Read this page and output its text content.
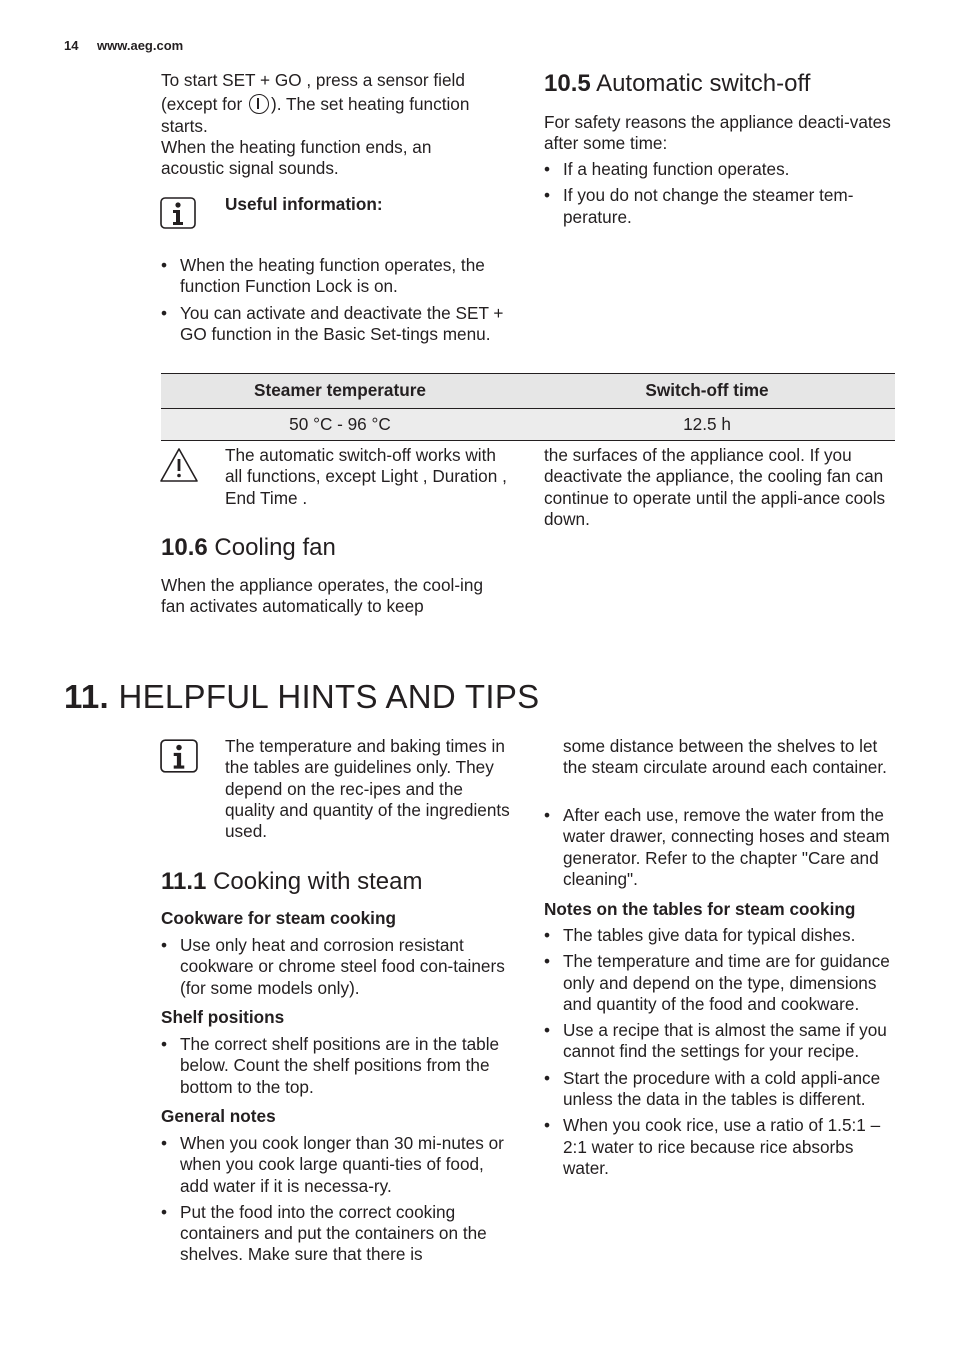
14 www.aeg.com
To start SET + GO , press a sensor field
(except for ). The set heating function
starts.
When the heating function ends, an
acoustic signal sounds.
Useful information:
• When the heating function operates, the function Function Lock is on.
• You can activate and deactivate the SET + GO function in the Basic Set-tings menu.
10.5 Automatic switch-off
For safety reasons the appliance deacti-vates after some time:
• If a heating function operates.
• If you do not change the steamer tem-perature.
Steamer temperature	Switch-off time
50 °C - 96 °C	12.5 h
The automatic switch-off works with all functions, except Light , Duration , End Time .
the surfaces of the appliance cool. If you deactivate the appliance, the cooling fan can continue to operate until the appli-ance cools down.
10.6 Cooling fan
When the appliance operates, the cool-ing fan activates automatically to keep
11. HELPFUL HINTS AND TIPS
The temperature and baking times in the tables are guidelines only. They depend on the rec-ipes and the quality and quantity of the ingredients used.
11.1 Cooking with steam
Cookware for steam cooking
• Use only heat and corrosion resistant cookware or chrome steel food con-tainers (for some models only).
Shelf positions
• The correct shelf positions are in the table below. Count the shelf positions from the bottom to the top.
General notes
• When you cook longer than 30 mi-nutes or when you cook large quanti-ties of food, add water if it is necessa-ry.
• Put the food into the correct cooking containers and put the containers on the shelves. Make sure that there is
some distance between the shelves to let the steam circulate around each container.
• After each use, remove the water from the water drawer, connecting hoses and steam generator. Refer to the chapter "Care and cleaning".
Notes on the tables for steam cooking
• The tables give data for typical dishes.
• The temperature and time are for guidance only and depend on the type, dimensions and quantity of the food and cookware.
• Use a recipe that is almost the same if you cannot find the settings for your recipe.
• Start the procedure with a cold appli-ance unless the data in the tables is different.
• When you cook rice, use a ratio of 1.5:1 – 2:1 water to rice because rice absorbs water.
